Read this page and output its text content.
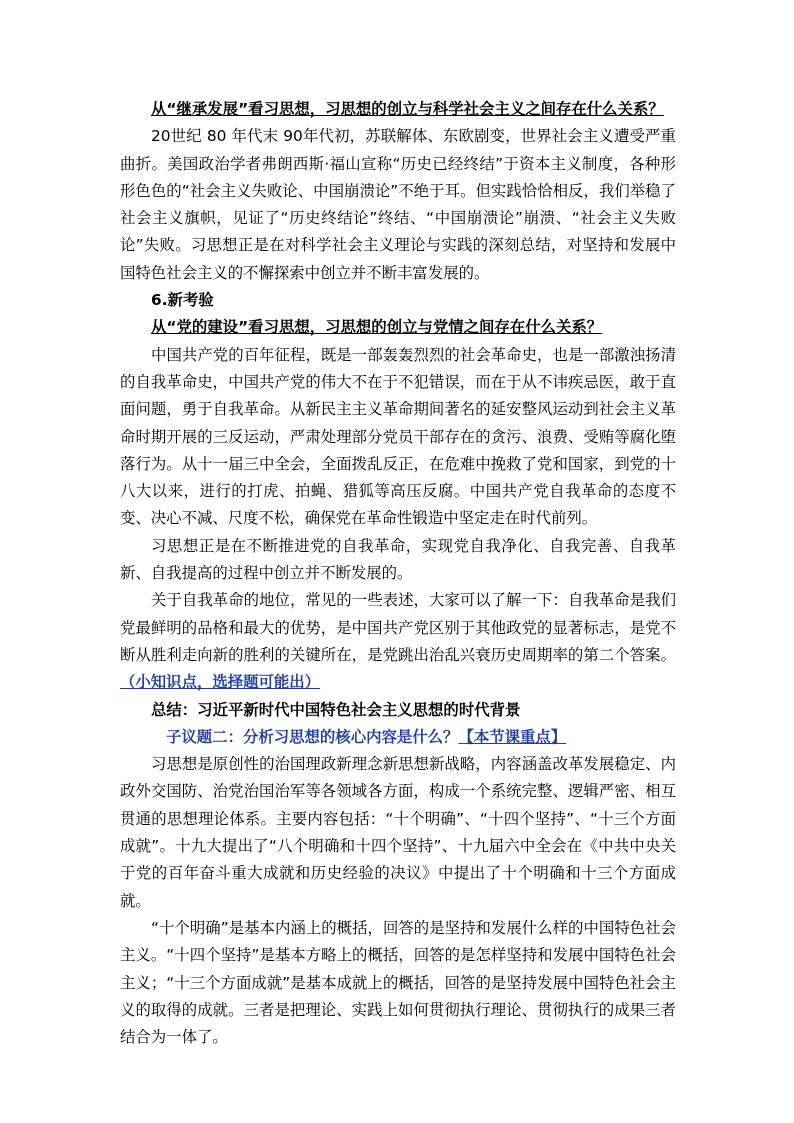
从“继承发展”看习思想，习思想的创立与科学社会主义之间存在什么关系？

20世纪 80 年代末 90年代初，苏联解体、东欧剧变，世界社会主义遭受严重曲折。美国政治学者弗朗西斯·福山宣称“历史已经终结”于资本主义制度，各种形形色色的“社会主义失败论、中国崩溃论”不绝于耳。但实践恰恰相反，我们举稳了社会主义旗帜，见证了“历史终结论”终结、“中国崩溃论”崩溃、“社会主义失败论”失败。习思想正是在对科学社会主义理论与实践的深刻总结，对坚持和发展中国特色社会主义的不懈探索中创立并不断丰富发展的。

6.新考验

从“党的建设”看习思想，习思想的创立与党情之间存在什么关系？

中国共产党的百年征程，既是一部轰轰烈烈的社会革命史，也是一部激浊扬清的自我革命史，中国共产党的伟大不在于不犯错误，而在于从不讳疾忌医，敢于直面问题，勇于自我革命。从新民主主义革命期间著名的延安整风运动到社会主义革命时期开展的三反运动，严肃处理部分党员干部存在的贪污、浪费、受贿等腐化堕落行为。从十一届三中全会，全面拨乱反正，在危难中挽救了党和国家，到党的十八大以来，进行的打虎、拍蝇、猎狐等高压反腐。中国共产党自我革命的态度不变、决心不减、尺度不松，确保党在革命性锻造中坚定走在时代前列。

习思想正是在不断推进党的自我革命，实现党自我净化、自我完善、自我革新、自我提高的过程中创立并不断发展的。

关于自我革命的地位，常见的一些表述，大家可以了解一下：自我革命是我们党最鲜明的品格和最大的优势，是中国共产党区别于其他政党的显著标志，是党不断从胜利走向新的胜利的关键所在，是党跳出治乱兴衰历史周期率的第二个答案。（小知识点，选择题可能出）

总结：习近平新时代中国特色社会主义思想的时代背景

子议题二：分析习思想的核心内容是什么？【本节课重点】

习思想是原创性的治国理政新理念新思想新战略，内容涵盖改革发展稳定、内政外交国防、治党治国治军等各领域各方面，构成一个系统完整、逻辑严密、相互贯通的思想理论体系。主要内容包括：“十个明确”、“十四个坚持”、“十三个方面成就”。十九大提出了“八个明确和十四个坚持”、十九届六中全会在《中共中央关于党的百年奋斗重大成就和历史经验的决议》中提出了十个明确和十三个方面成就。

“十个明确”是基本内涵上的概括，回答的是坚持和发展什么样的中国特色社会主义。“十四个坚持”是基本方略上的概括，回答的是怎样坚持和发展中国特色社会主义；“十三个方面成就”是基本成就上的概括，回答的是坚持发展中国特色社会主义的取得的成就。三者是把理论、实践上如何贯彻执行理论、贯彻执行的成果三者结合为一体了。
